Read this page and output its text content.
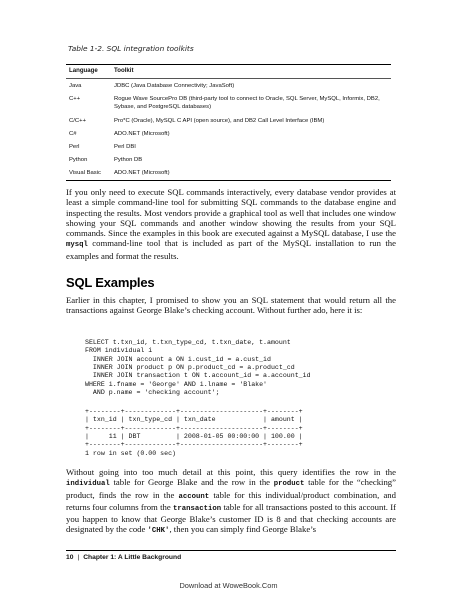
Table 1-2. SQL integration toolkits
Language	Toolkit
Java	JDBC (Java Database Connectivity; JavaSoft)
C++	Rogue Wave SourcePro DB (third-party tool to connect to Oracle, SQL Server, MySQL, Informix, DB2, Sybase, and PostgreSQL databases)
C/C++	Pro*C (Oracle), MySQL C API (open source), and DB2 Call Level Interface (IBM)
C#	ADO.NET (Microsoft)
Perl	Perl DBI
Python	Python DB
Visual Basic	ADO.NET (Microsoft)

If you only need to execute SQL commands interactively, every database vendor provides at least a simple command-line tool for submitting SQL commands to the database engine and inspecting the results. Most vendors provide a graphical tool as well that includes one window showing your SQL commands and another window showing the results from your SQL commands. Since the examples in this book are executed against a MySQL database, I use the mysql command-line tool that is included as part of the MySQL installation to run the examples and format the results.

SQL Examples

Earlier in this chapter, I promised to show you an SQL statement that would return all the transactions against George Blake’s checking account. Without further ado, here it is:

SELECT t.txn_id, t.txn_type_cd, t.txn_date, t.amount
FROM individual i
INNER JOIN account a ON i.cust_id = a.cust_id
INNER JOIN product p ON p.product_cd = a.product_cd
INNER JOIN transaction t ON t.account_id = a.account_id
WHERE i.fname = 'George' AND i.lname = 'Blake'
AND p.name = 'checking account';
+--------+-------------+---------------------+--------+
| txn_id | txn_type_cd | txn_date            | amount |
+--------+-------------+---------------------+--------+
|     11 | DBT         | 2008-01-05 00:00:00 | 100.00 |
+--------+-------------+---------------------+--------+
1 row in set (0.00 sec)

Without going into too much detail at this point, this query identifies the row in the individual table for George Blake and the row in the product table for the “checking” product, finds the row in the account table for this individual/product combination, and returns four columns from the transaction table for all transactions posted to this account. If you happen to know that George Blake’s customer ID is 8 and that checking accounts are designated by the code 'CHK', then you can simply find George Blake’s

10 | Chapter 1: A Little Background
Download at WoweBook.Com
